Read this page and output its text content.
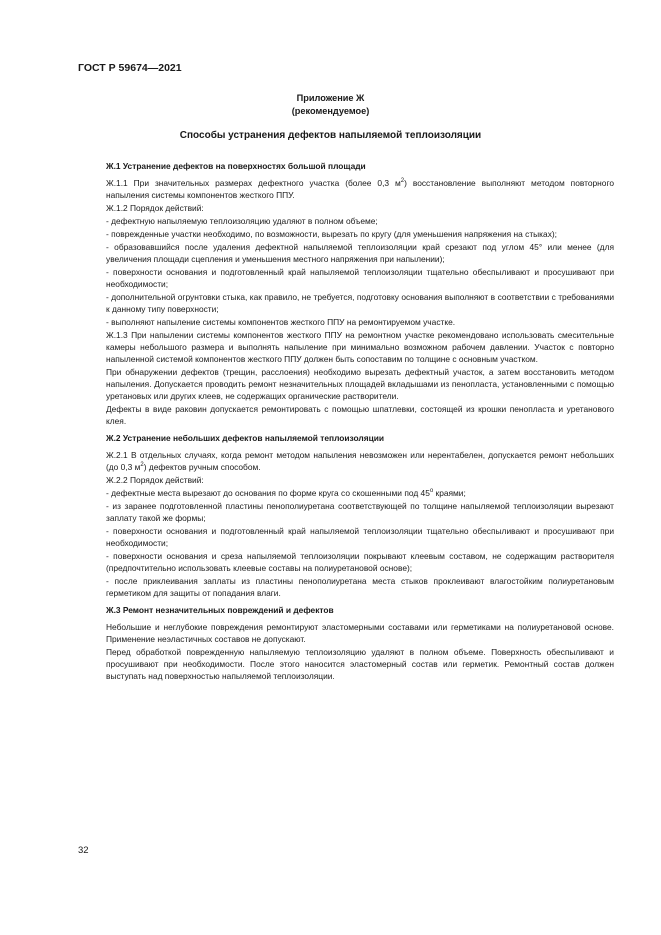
ГОСТ Р 59674—2021
Приложение Ж
(рекомендуемое)
Способы устранения дефектов напыляемой теплоизоляции
Ж.1 Устранение дефектов на поверхностях большой площади

Ж.1.1 При значительных размерах дефектного участка (более 0,3 $м^2$) восстановление выполняют методом повторного напыления системы компонентов жесткого ППУ.

Ж.1.2 Порядок действий:

- дефектную напыляемую теплоизоляцию удаляют в полном объеме;

- поврежденные участки необходимо, по возможности, вырезать по кругу (для уменьшения напряжения на стыках);

- образовавшийся после удаления дефектной напыляемой теплоизоляции край срезают под углом 45° или менее (для увеличения площади сцепления и уменьшения местного напряжения при напылении);

- поверхности основания и подготовленный край напыляемой теплоизоляции тщательно обеспыливают и просушивают при необходимости;

- дополнительной огрунтовки стыка, как правило, не требуется, подготовку основания выполняют в соответствии с требованиями к данному типу поверхности;

- выполняют напыление системы компонентов жесткого ППУ на ремонтируемом участке.

Ж.1.3 При напылении системы компонентов жесткого ППУ на ремонтном участке рекомендовано использовать смесительные камеры небольшого размера и выполнять напыление при минимально возможном рабочем давлении. Участок с повторно напыленной системой компонентов жесткого ППУ должен быть сопоставим по толщине с основным участком.

При обнаружении дефектов (трещин, расслоения) необходимо вырезать дефектный участок, а затем восстановить методом напыления. Допускается проводить ремонт незначительных площадей вкладышами из пенопласта, установленными с помощью уретановых или других клеев, не содержащих органические растворители.

Дефекты в виде раковин допускается ремонтировать с помощью шпатлевки, состоящей из крошки пенопласта и уретанового клея.

Ж.2 Устранение небольших дефектов напыляемой теплоизоляции

Ж.2.1 В отдельных случаях, когда ремонт методом напыления невозможен или нерентабелен, допускается ремонт небольших (до 0,3 $м^2$) дефектов ручным способом.

Ж.2.2 Порядок действий:

- дефектные места вырезают до основания по форме круга со скошенными под $45^о$ краями;

- из заранее подготовленной пластины пенополиуретана соответствующей по толщине напыляемой теплоизоляции вырезают заплату такой же формы;

- поверхности основания и подготовленный край напыляемой теплоизоляции тщательно обеспыливают и просушивают при необходимости;

- поверхности основания и среза напыляемой теплоизоляции покрывают клеевым составом, не содержащим растворителя (предпочтительно использовать клеевые составы на полиуретановой основе);

- после приклеивания заплаты из пластины пенополиуретана места стыков проклеивают влагостойким полиуретановым герметиком для защиты от попадания влаги.

Ж.3 Ремонт незначительных повреждений и дефектов

Небольшие и неглубокие повреждения ремонтируют эластомерными составами или герметиками на полиуретановой основе. Применение неэластичных составов не допускают.

Перед обработкой поврежденную напыляемую теплоизоляцию удаляют в полном объеме. Поверхность обеспыливают и просушивают при необходимости. После этого наносится эластомерный состав или герметик. Ремонтный состав должен выступать над поверхностью напыляемой теплоизоляции.

32
